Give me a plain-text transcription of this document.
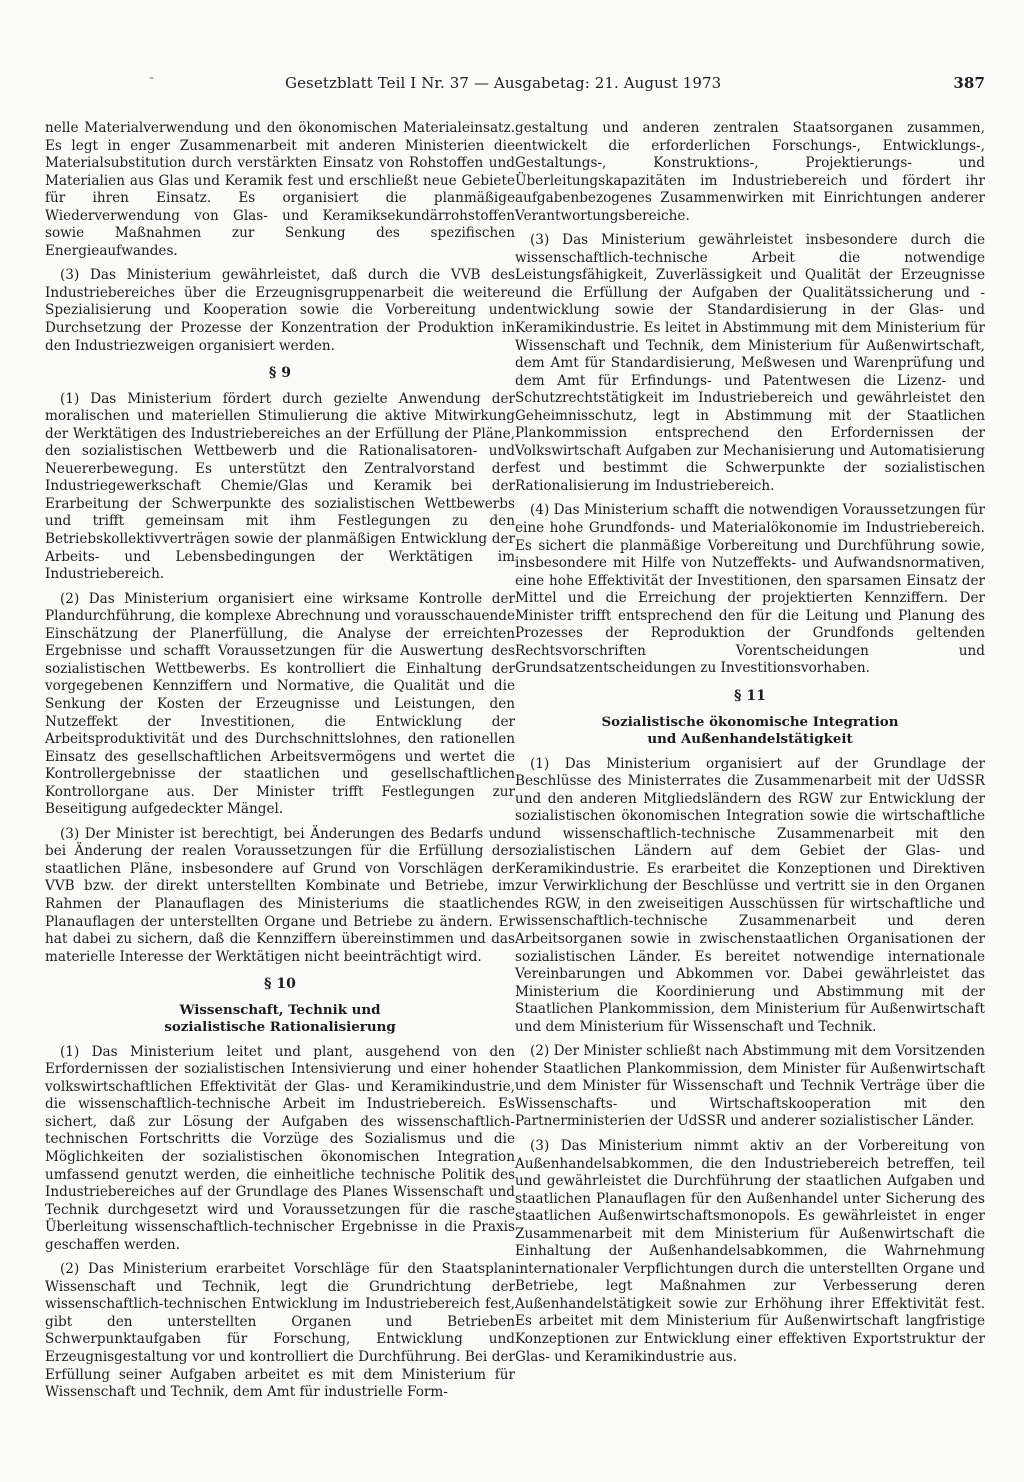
-	Gesetzblatt Teil I Nr. 37 — Ausgabetag: 21. August 1973	387

nelle Materialverwendung und den ökonomischen Materialeinsatz. Es legt in enger Zusammenarbeit mit anderen Ministerien die Materialsubstitution durch verstärkten Einsatz von Rohstoffen und Materialien aus Glas und Keramik fest und erschließt neue Gebiete für ihren Einsatz. Es organisiert die planmäßige Wiederverwendung von Glas- und Keramiksekundärrohstoffen sowie Maßnahmen zur Senkung des spezifischen Energieaufwandes.

(3) Das Ministerium gewährleistet, daß durch die VVB des Industriebereiches über die Erzeugnisgruppenarbeit die weitere Spezialisierung und Kooperation sowie die Vorbereitung und Durchsetzung der Prozesse der Konzentration der Produktion in den Industriezweigen organisiert werden.

§ 9

(1) Das Ministerium fördert durch gezielte Anwendung der moralischen und materiellen Stimulierung die aktive Mitwirkung der Werktätigen des Industriebereiches an der Erfüllung der Pläne, den sozialistischen Wettbewerb und die Rationalisatoren- und Neuererbewegung. Es unterstützt den Zentralvorstand der Industriegewerkschaft Chemie/Glas und Keramik bei der Erarbeitung der Schwerpunkte des sozialistischen Wettbewerbs und trifft gemeinsam mit ihm Festlegungen zu den Betriebskollektivverträgen sowie der planmäßigen Entwicklung der Arbeits- und Lebensbedingungen der Werktätigen im Industriebereich.

(2) Das Ministerium organisiert eine wirksame Kontrolle der Plandurchführung, die komplexe Abrechnung und vorausschauende Einschätzung der Planerfüllung, die Analyse der erreichten Ergebnisse und schafft Voraussetzungen für die Auswertung des sozialistischen Wettbewerbs. Es kontrolliert die Einhaltung der vorgegebenen Kennziffern und Normative, die Qualität und die Senkung der Kosten der Erzeugnisse und Leistungen, den Nutzeffekt der Investitionen, die Entwicklung der Arbeitsproduktivität und des Durchschnittslohnes, den rationellen Einsatz des gesellschaftlichen Arbeitsvermögens und wertet die Kontrollergebnisse der staatlichen und gesellschaftlichen Kontrollorgane aus. Der Minister trifft Festlegungen zur Beseitigung aufgedeckter Mängel.

(3) Der Minister ist berechtigt, bei Änderungen des Bedarfs und bei Änderung der realen Voraussetzungen für die Erfüllung der staatlichen Pläne, insbesondere auf Grund von Vorschlägen der VVB bzw. der direkt unterstellten Kombinate und Betriebe, im Rahmen der Planauflagen des Ministeriums die staatlichen Planauflagen der unterstellten Organe und Betriebe zu ändern. Er hat dabei zu sichern, daß die Kennziffern übereinstimmen und das materielle Interesse der Werktätigen nicht beeinträchtigt wird.

§ 10
Wissenschaft, Technik und
sozialistische Rationalisierung

(1) Das Ministerium leitet und plant, ausgehend von den Erfordernissen der sozialistischen Intensivierung und einer hohen volkswirtschaftlichen Effektivität der Glas- und Keramikindustrie, die wissenschaftlich-technische Arbeit im Industriebereich. Es sichert, daß zur Lösung der Aufgaben des wissenschaftlich-technischen Fortschritts die Vorzüge des Sozialismus und die Möglichkeiten der sozialistischen ökonomischen Integration umfassend genutzt werden, die einheitliche technische Politik des Industriebereiches auf der Grundlage des Planes Wissenschaft und Technik durchgesetzt wird und Voraussetzungen für die rasche Überleitung wissenschaftlich-technischer Ergebnisse in die Praxis geschaffen werden.

(2) Das Ministerium erarbeitet Vorschläge für den Staatsplan Wissenschaft und Technik, legt die Grundrichtung der wissenschaftlich-technischen Entwicklung im Industriebereich fest, gibt den unterstellten Organen und Betrieben Schwerpunktaufgaben für Forschung, Entwicklung und Erzeugnisgestaltung vor und kontrolliert die Durchführung. Bei der Erfüllung seiner Aufgaben arbeitet es mit dem Ministerium für Wissenschaft und Technik, dem Amt für industrielle Form-

gestaltung und anderen zentralen Staatsorganen zusammen, entwickelt die erforderlichen Forschungs-, Entwicklungs-, Gestaltungs-, Konstruktions-, Projektierungs- und Überleitungskapazitäten im Industriebereich und fördert ihr aufgabenbezogenes Zusammenwirken mit Einrichtungen anderer Verantwortungsbereiche.

(3) Das Ministerium gewährleistet insbesondere durch die wissenschaftlich-technische Arbeit die notwendige Leistungsfähigkeit, Zuverlässigkeit und Qualität der Erzeugnisse und die Erfüllung der Aufgaben der Qualitätssicherung und -entwicklung sowie der Standardisierung in der Glas- und Keramikindustrie. Es leitet in Abstimmung mit dem Ministerium für Wissenschaft und Technik, dem Ministerium für Außenwirtschaft, dem Amt für Standardisierung, Meßwesen und Warenprüfung und dem Amt für Erfindungs- und Patentwesen die Lizenz- und Schutzrechtstätigkeit im Industriebereich und gewährleistet den Geheimnisschutz, legt in Abstimmung mit der Staatlichen Plankommission entsprechend den Erfordernissen der Volkswirtschaft Aufgaben zur Mechanisierung und Automatisierung fest und bestimmt die Schwerpunkte der sozialistischen Rationalisierung im Industriebereich.

(4) Das Ministerium schafft die notwendigen Voraussetzungen für eine hohe Grundfonds- und Materialökonomie im Industriebereich. Es sichert die planmäßige Vorbereitung und Durchführung sowie, insbesondere mit Hilfe von Nutzeffekts- und Aufwandsnormativen, eine hohe Effektivität der Investitionen, den sparsamen Einsatz der Mittel und die Erreichung der projektierten Kennziffern. Der Minister trifft entsprechend den für die Leitung und Planung des Prozesses der Reproduktion der Grundfonds geltenden Rechtsvorschriften Vorentscheidungen und Grundsatzentscheidungen zu Investitionsvorhaben.

§ 11
Sozialistische ökonomische Integration
und Außenhandelstätigkeit

(1) Das Ministerium organisiert auf der Grundlage der Beschlüsse des Ministerrates die Zusammenarbeit mit der UdSSR und den anderen Mitgliedsländern des RGW zur Entwicklung der sozialistischen ökonomischen Integration sowie die wirtschaftliche und wissenschaftlich-technische Zusammenarbeit mit den sozialistischen Ländern auf dem Gebiet der Glas- und Keramikindustrie. Es erarbeitet die Konzeptionen und Direktiven zur Verwirklichung der Beschlüsse und vertritt sie in den Organen des RGW, in den zweiseitigen Ausschüssen für wirtschaftliche und wissenschaftlich-technische Zusammenarbeit und deren Arbeitsorganen sowie in zwischenstaatlichen Organisationen der sozialistischen Länder. Es bereitet notwendige internationale Vereinbarungen und Abkommen vor. Dabei gewährleistet das Ministerium die Koordinierung und Abstimmung mit der Staatlichen Plankommission, dem Ministerium für Außenwirtschaft und dem Ministerium für Wissenschaft und Technik.

(2) Der Minister schließt nach Abstimmung mit dem Vorsitzenden der Staatlichen Plankommission, dem Minister für Außenwirtschaft und dem Minister für Wissenschaft und Technik Verträge über die Wissenschafts- und Wirtschaftskooperation mit den Partnerministerien der UdSSR und anderer sozialistischer Länder.

(3) Das Ministerium nimmt aktiv an der Vorbereitung von Außenhandelsabkommen, die den Industriebereich betreffen, teil und gewährleistet die Durchführung der staatlichen Aufgaben und staatlichen Planauflagen für den Außenhandel unter Sicherung des staatlichen Außenwirtschaftsmonopols. Es gewährleistet in enger Zusammenarbeit mit dem Ministerium für Außenwirtschaft die Einhaltung der Außenhandelsabkommen, die Wahrnehmung internationaler Verpflichtungen durch die unterstellten Organe und Betriebe, legt Maßnahmen zur Verbesserung deren Außenhandelstätigkeit sowie zur Erhöhung ihrer Effektivität fest. Es arbeitet mit dem Ministerium für Außenwirtschaft langfristige Konzeptionen zur Entwicklung einer effektiven Exportstruktur der Glas- und Keramikindustrie aus.
